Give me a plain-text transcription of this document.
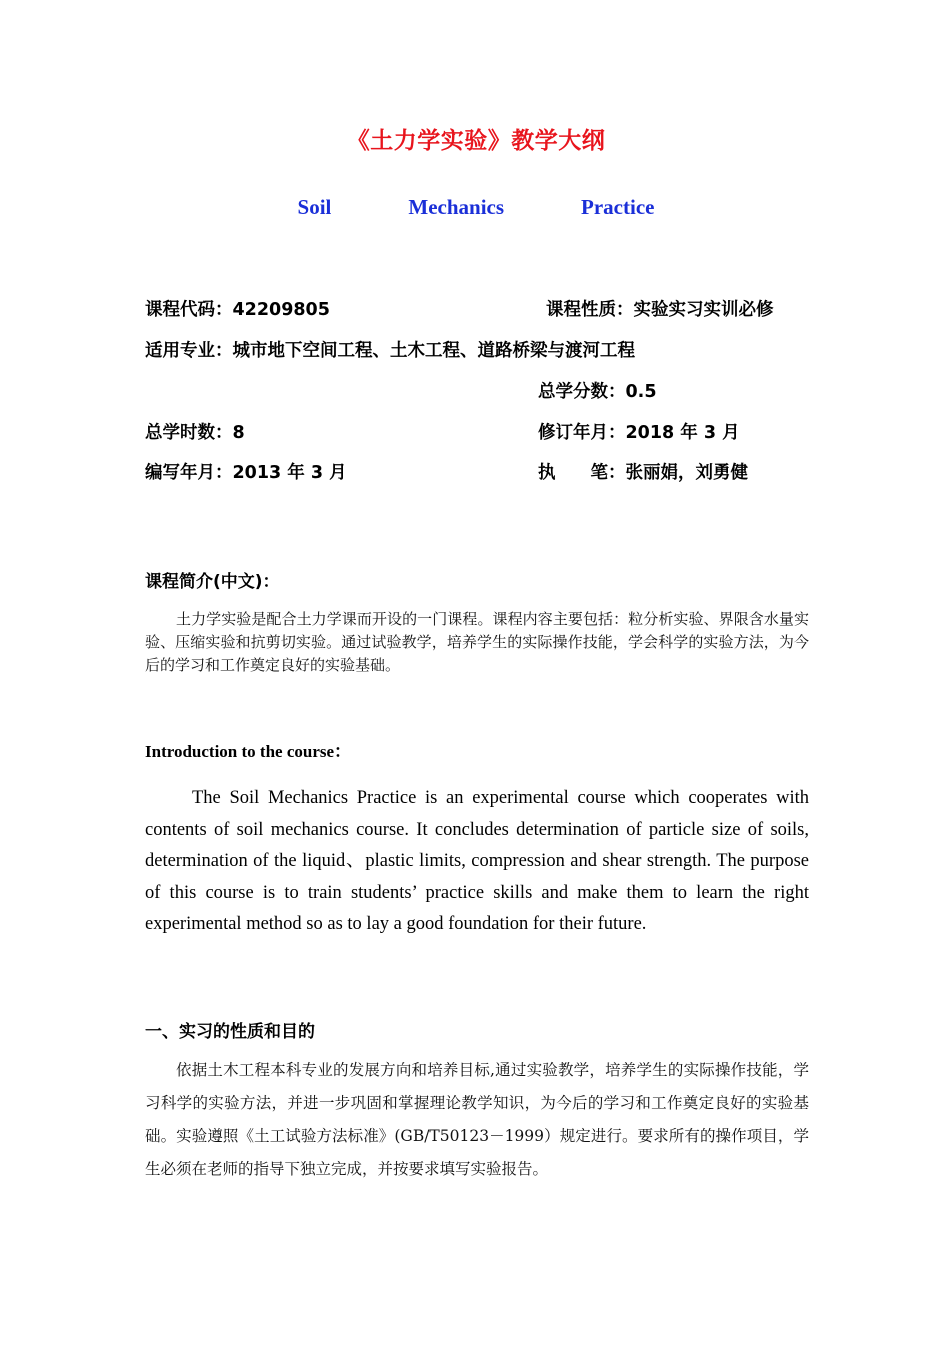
《土力学实验》教学大纲
Soil    Mechanics    Practice
课程代码：42209805	课程性质：实验实习实训必修
适用专业：城市地下空间工程、土木工程、道路桥梁与渡河工程
总学分数：0.5
总学时数：8	修订年月：2018 年 3 月
编写年月：2013 年 3 月	执　　笔：张丽娟，刘勇健
课程简介(中文)：
土力学实验是配合土力学课而开设的一门课程。课程内容主要包括：粒分析实验、界限含水量实验、压缩实验和抗剪切实验。通过试验教学，培养学生的实际操作技能，学会科学的实验方法，为今后的学习和工作奠定良好的实验基础。
Introduction to the course：
The Soil Mechanics Practice is an experimental course which cooperates with contents of soil mechanics course. It concludes determination of particle size of soils, determination of the liquid、plastic limits, compression and shear strength. The purpose of this course is to train students’ practice skills and make them to learn the right experimental method so as to lay a good foundation for their future.
一、实习的性质和目的
依据土木工程本科专业的发展方向和培养目标,通过实验教学，培养学生的实际操作技能，学习科学的实验方法，并进一步巩固和掌握理论教学知识，为今后的学习和工作奠定良好的实验基础。实验遵照《土工试验方法标准》(GB/T50123－1999）规定进行。要求所有的操作项目，学生必须在老师的指导下独立完成，并按要求填写实验报告。
